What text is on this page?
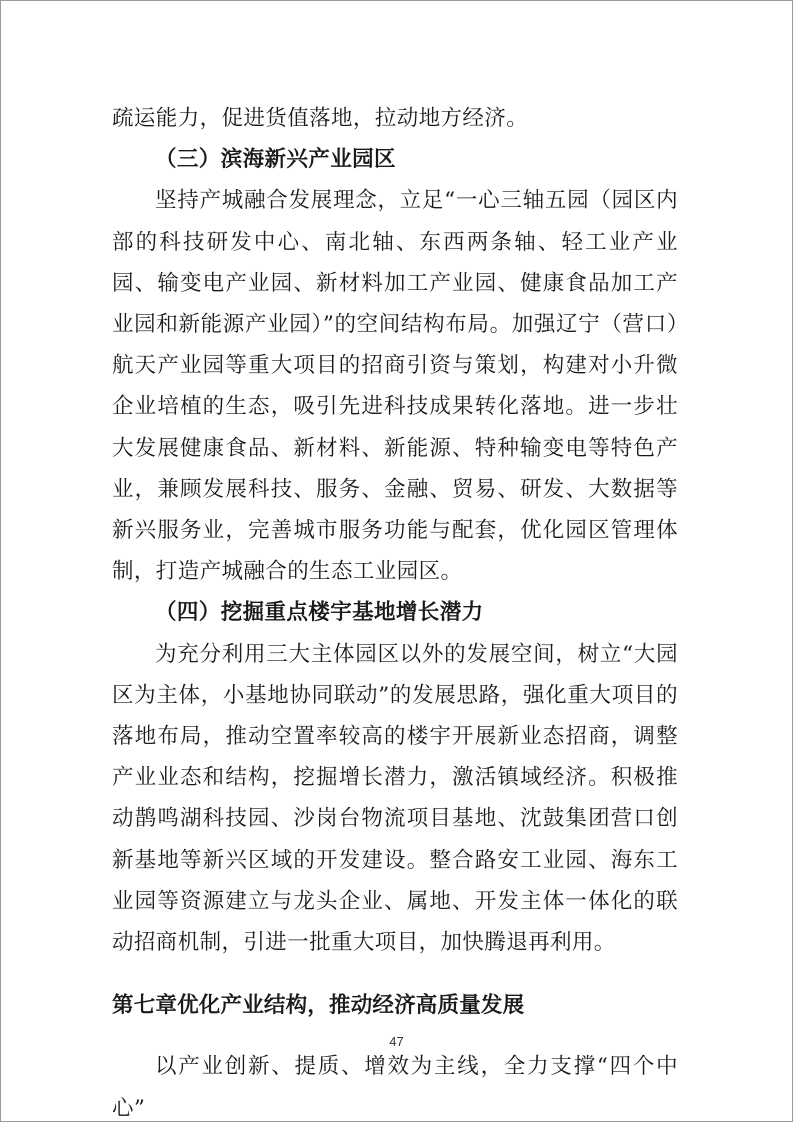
疏运能力，促进货值落地，拉动地方经济。

（三）滨海新兴产业园区

坚持产城融合发展理念，立足“一心三轴五园（园区内部的科技研发中心、南北轴、东西两条轴、轻工业产业园、输变电产业园、新材料加工产业园、健康食品加工产业园和新能源产业园）”的空间结构布局。加强辽宁（营口）航天产业园等重大项目的招商引资与策划，构建对小升微企业培植的生态，吸引先进科技成果转化落地。进一步壮大发展健康食品、新材料、新能源、特种输变电等特色产业，兼顾发展科技、服务、金融、贸易、研发、大数据等新兴服务业，完善城市服务功能与配套，优化园区管理体制，打造产城融合的生态工业园区。

（四）挖掘重点楼宇基地增长潜力

为充分利用三大主体园区以外的发展空间，树立“大园区为主体，小基地协同联动”的发展思路，强化重大项目的落地布局，推动空置率较高的楼宇开展新业态招商，调整产业业态和结构，挖掘增长潜力，激活镇域经济。积极推动鹊鸣湖科技园、沙岗台物流项目基地、沈鼓集团营口创新基地等新兴区域的开发建设。整合路安工业园、海东工业园等资源建立与龙头企业、属地、开发主体一体化的联动招商机制，引进一批重大项目，加快腾退再利用。

第七章优化产业结构，推动经济高质量发展

以产业创新、提质、增效为主线，全力支撑“四个中心”

47
